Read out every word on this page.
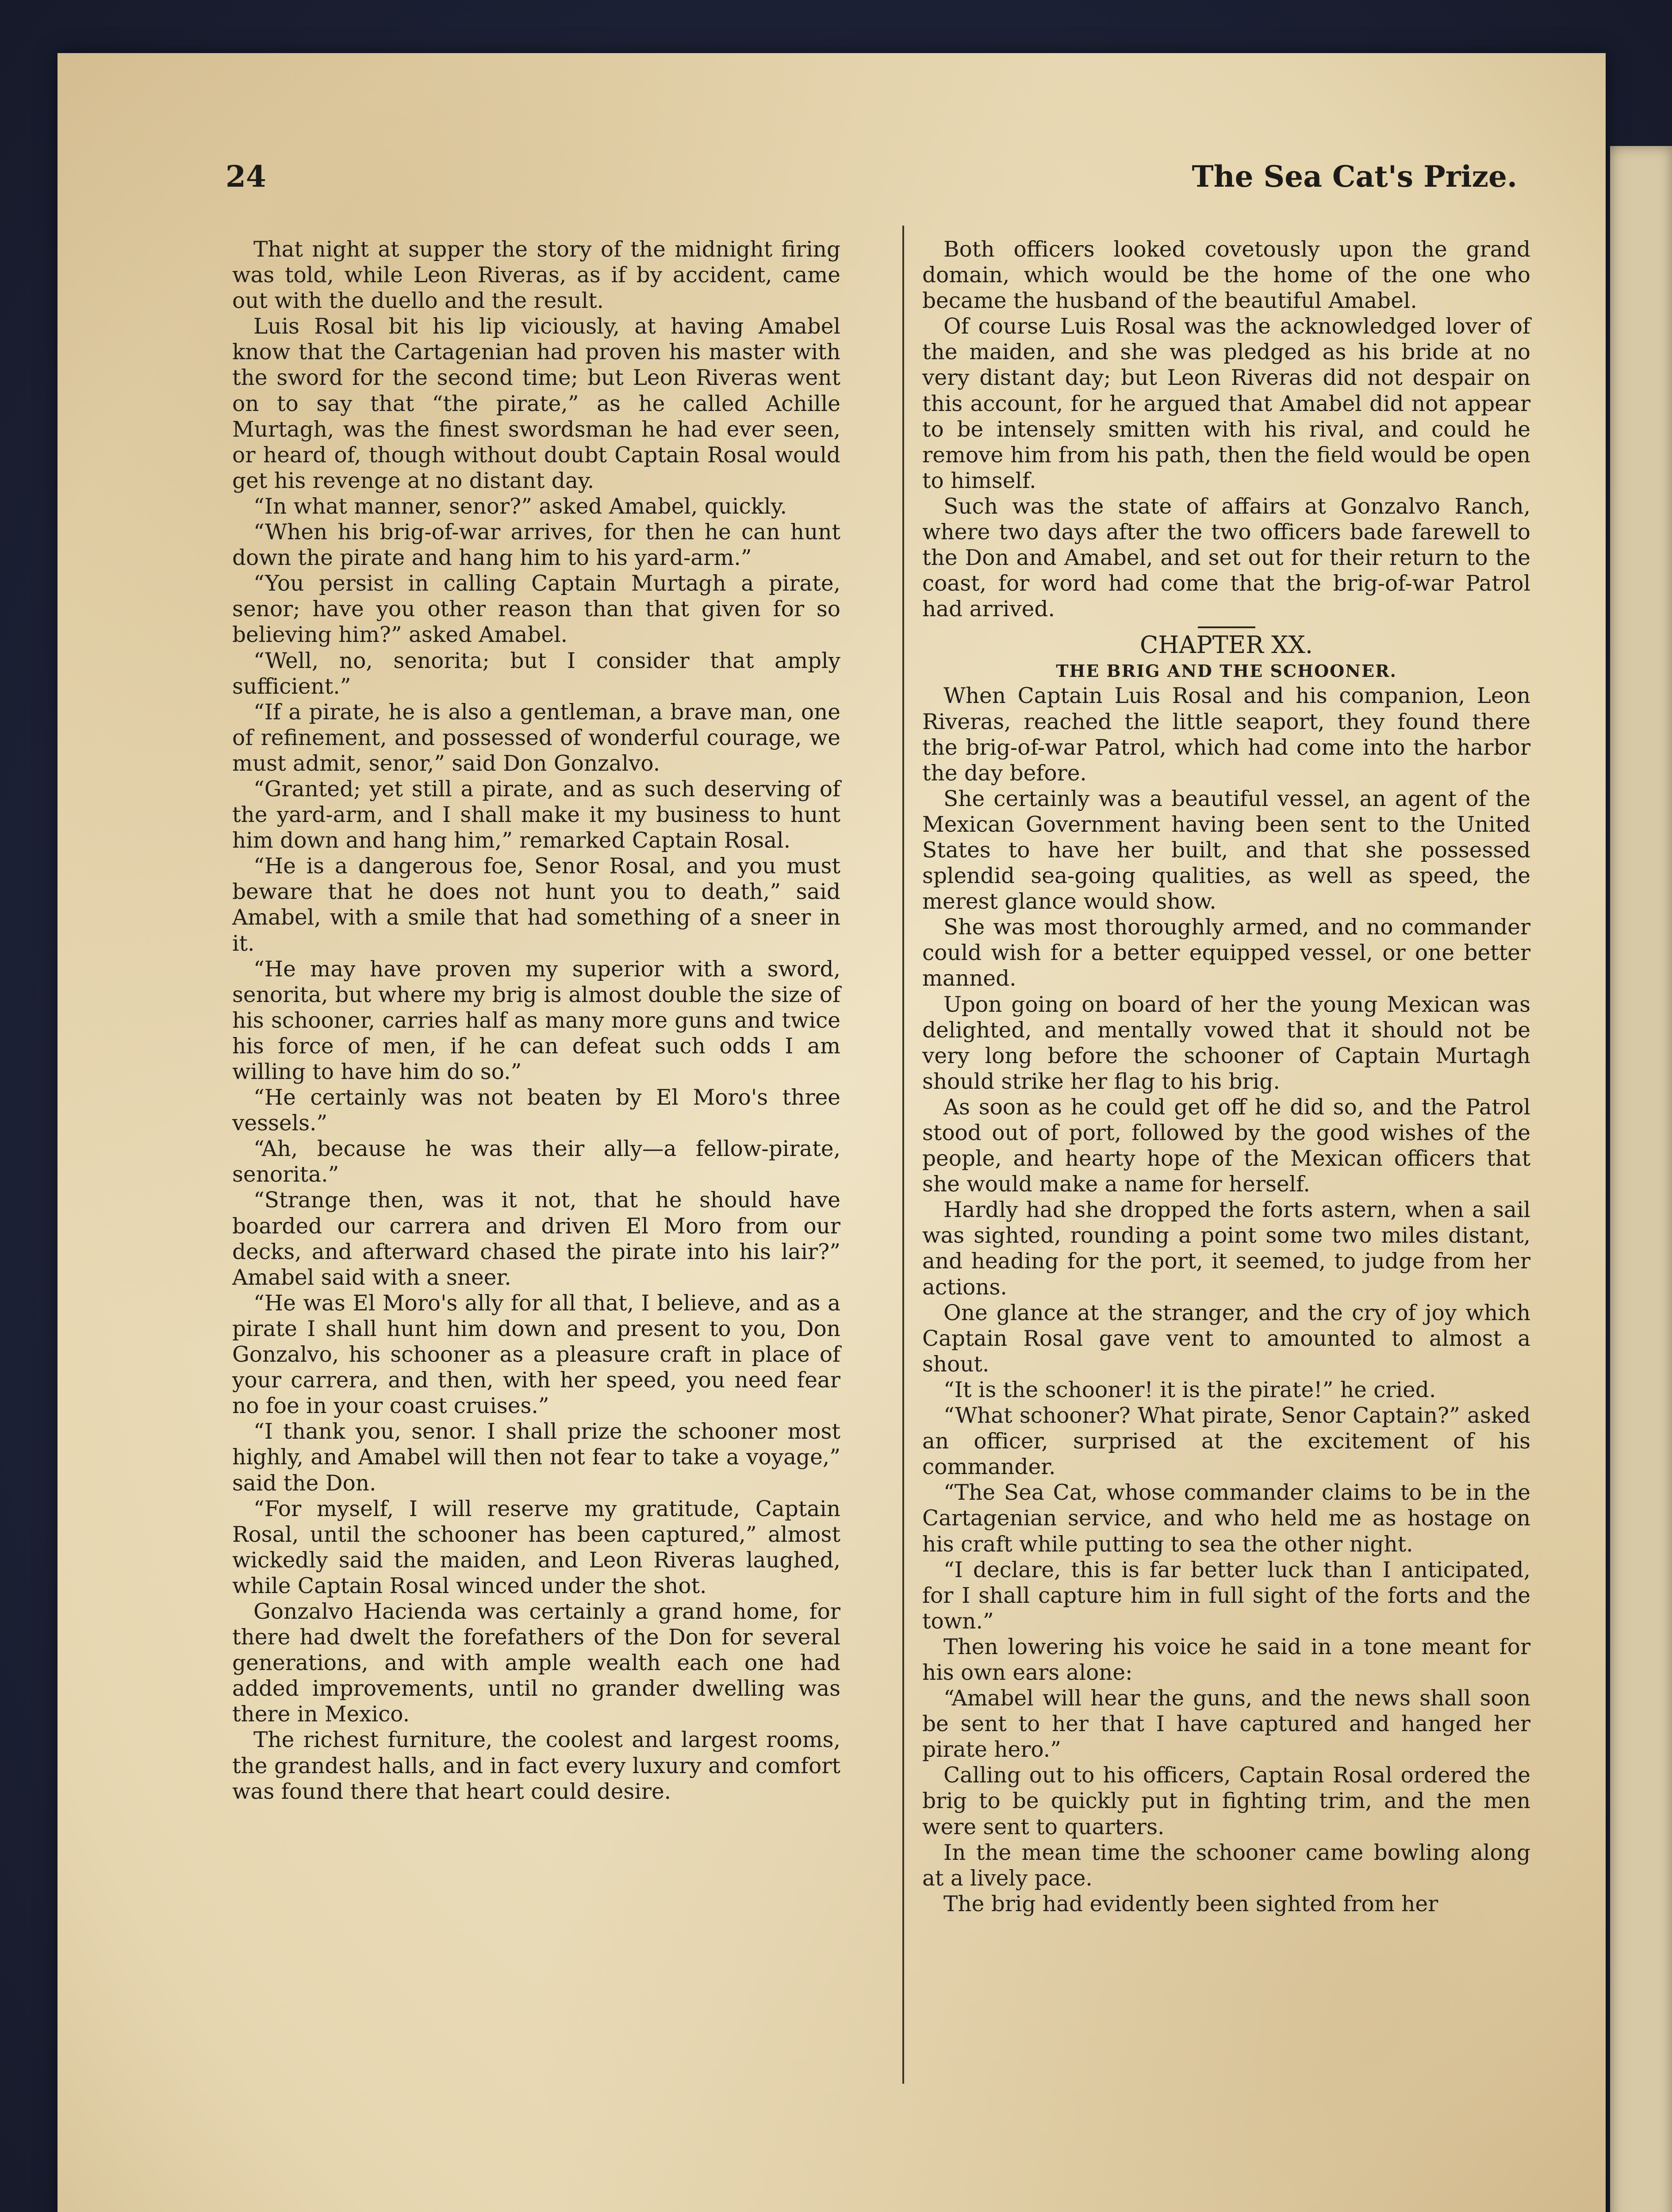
24	The Sea Cat's Prize.

That night at supper the story of the midnight firing was told, while Leon Riveras, as if by accident, came out with the duello and the result.

Luis Rosal bit his lip viciously, at having Amabel know that the Cartagenian had proven his master with the sword for the second time; but Leon Riveras went on to say that “the pirate,” as he called Achille Murtagh, was the finest swordsman he had ever seen, or heard of, though without doubt Captain Rosal would get his revenge at no distant day.

“In what manner, senor?” asked Amabel, quickly.

“When his brig-of-war arrives, for then he can hunt down the pirate and hang him to his yard-arm.”

“You persist in calling Captain Murtagh a pirate, senor; have you other reason than that given for so believing him?” asked Amabel.

“Well, no, senorita; but I consider that amply sufficient.”

“If a pirate, he is also a gentleman, a brave man, one of refinement, and possessed of wonderful courage, we must admit, senor,” said Don Gonzalvo.

“Granted; yet still a pirate, and as such deserving of the yard-arm, and I shall make it my business to hunt him down and hang him,” remarked Captain Rosal.

“He is a dangerous foe, Senor Rosal, and you must beware that he does not hunt you to death,” said Amabel, with a smile that had something of a sneer in it.

“He may have proven my superior with a sword, senorita, but where my brig is almost double the size of his schooner, carries half as many more guns and twice his force of men, if he can defeat such odds I am willing to have him do so.”

“He certainly was not beaten by El Moro's three vessels.”

“Ah, because he was their ally—a fellow-pirate, senorita.”

“Strange then, was it not, that he should have boarded our carrera and driven El Moro from our decks, and afterward chased the pirate into his lair?” Amabel said with a sneer.

“He was El Moro's ally for all that, I believe, and as a pirate I shall hunt him down and present to you, Don Gonzalvo, his schooner as a pleasure craft in place of your carrera, and then, with her speed, you need fear no foe in your coast cruises.”

“I thank you, senor. I shall prize the schooner most highly, and Amabel will then not fear to take a voyage,” said the Don.

“For myself, I will reserve my gratitude, Captain Rosal, until the schooner has been captured,” almost wickedly said the maiden, and Leon Riveras laughed, while Captain Rosal winced under the shot.

Gonzalvo Hacienda was certainly a grand home, for there had dwelt the forefathers of the Don for several generations, and with ample wealth each one had added improvements, until no grander dwelling was there in Mexico.

The richest furniture, the coolest and largest rooms, the grandest halls, and in fact every luxury and comfort was found there that heart could desire.

Both officers looked covetously upon the grand domain, which would be the home of the one who became the husband of the beautiful Amabel.

Of course Luis Rosal was the acknowledged lover of the maiden, and she was pledged as his bride at no very distant day; but Leon Riveras did not despair on this account, for he argued that Amabel did not appear to be intensely smitten with his rival, and could he remove him from his path, then the field would be open to himself.

Such was the state of affairs at Gonzalvo Ranch, where two days after the two officers bade farewell to the Don and Amabel, and set out for their return to the coast, for word had come that the brig-of-war Patrol had arrived.

CHAPTER XX.

THE BRIG AND THE SCHOONER.

When Captain Luis Rosal and his companion, Leon Riveras, reached the little seaport, they found there the brig-of-war Patrol, which had come into the harbor the day before.

She certainly was a beautiful vessel, an agent of the Mexican Government having been sent to the United States to have her built, and that she possessed splendid sea-going qualities, as well as speed, the merest glance would show.

She was most thoroughly armed, and no commander could wish for a better equipped vessel, or one better manned.

Upon going on board of her the young Mexican was delighted, and mentally vowed that it should not be very long before the schooner of Captain Murtagh should strike her flag to his brig.

As soon as he could get off he did so, and the Patrol stood out of port, followed by the good wishes of the people, and hearty hope of the Mexican officers that she would make a name for herself.

Hardly had she dropped the forts astern, when a sail was sighted, rounding a point some two miles distant, and heading for the port, it seemed, to judge from her actions.

One glance at the stranger, and the cry of joy which Captain Rosal gave vent to amounted to almost a shout.

“It is the schooner! it is the pirate!” he cried.

“What schooner? What pirate, Senor Captain?” asked an officer, surprised at the excitement of his commander.

“The Sea Cat, whose commander claims to be in the Cartagenian service, and who held me as hostage on his craft while putting to sea the other night.

“I declare, this is far better luck than I anticipated, for I shall capture him in full sight of the forts and the town.”

Then lowering his voice he said in a tone meant for his own ears alone:

“Amabel will hear the guns, and the news shall soon be sent to her that I have captured and hanged her pirate hero.”

Calling out to his officers, Captain Rosal ordered the brig to be quickly put in fighting trim, and the men were sent to quarters.

In the mean time the schooner came bowling along at a lively pace.

The brig had evidently been sighted from her
